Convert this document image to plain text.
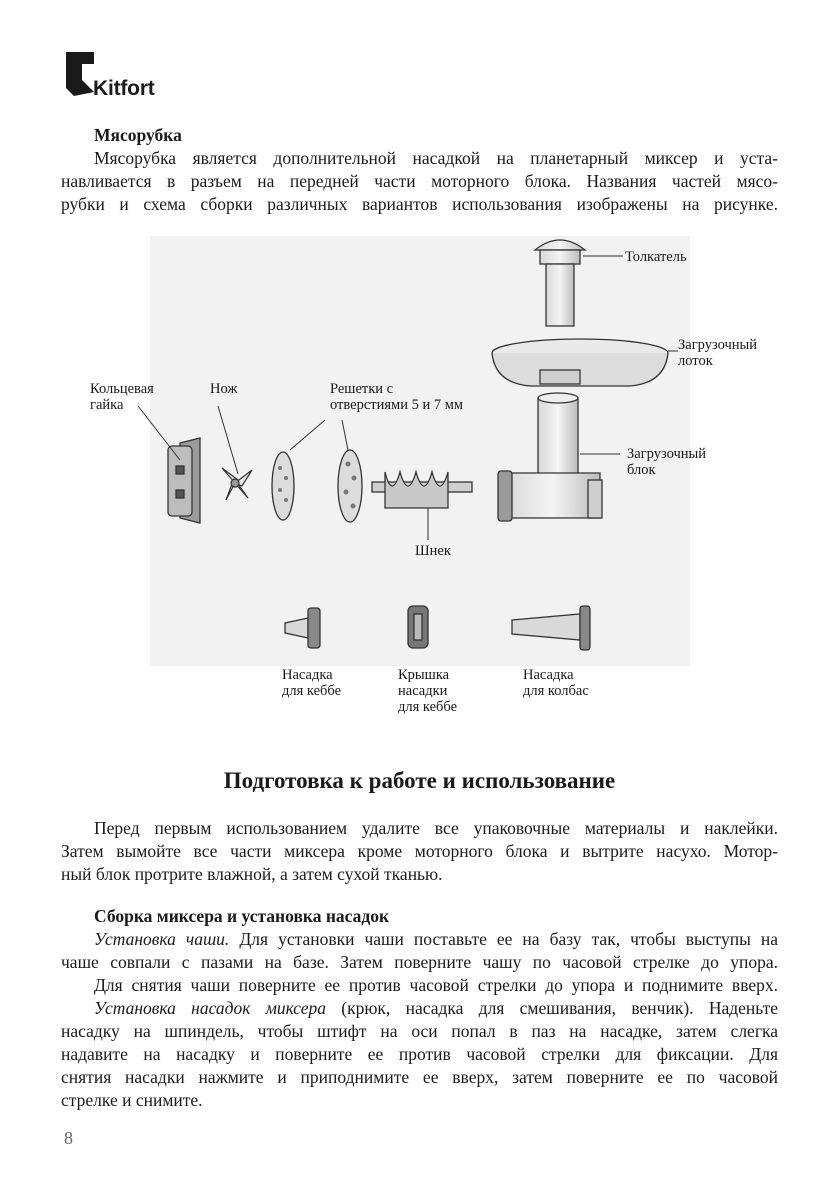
Kitfort
Мясорубка
Мясорубка является дополнительной насадкой на планетарный миксер и уста-
навливается в разъем на передней части моторного блока. Названия частей мясо-
рубки и схема сборки различных вариантов использования изображены на рисунке.
Толкатель
Загрузочный
лоток
Кольцевая
гайка
Нож	Решетки с
отверстиями 5 и 7 мм
Загрузочный
блок
Шнек
Насадка
для кеббе
Крышка
насадки
для кеббе
Насадка
для колбас
Подготовка к работе и использование
Перед первым использованием удалите все упаковочные материалы и наклейки.
Затем вымойте все части миксера кроме моторного блока и вытрите насухо. Мотор-
ный блок протрите влажной, а затем сухой тканью.
Сборка миксера и установка насадок
Установка чаши. Для установки чаши поставьте ее на базу так, чтобы выступы на
чаше совпали с пазами на базе. Затем поверните чашу по часовой стрелке до упора.
Для снятия чаши поверните ее против часовой стрелки до упора и поднимите вверх.
Установка насадок миксера (крюк, насадка для смешивания, венчик). Наденьте
насадку на шпиндель, чтобы штифт на оси попал в паз на насадке, затем слегка
надавите на насадку и поверните ее против часовой стрелки для фиксации. Для
снятия насадки нажмите и приподнимите ее вверх, затем поверните ее по часовой
стрелке и снимите.
8
